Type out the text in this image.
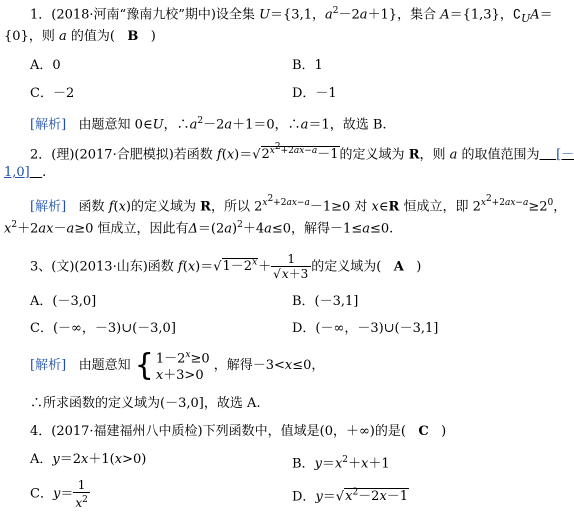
1．(2018·河南“豫南九校”期中)设全集 U＝{3,1，$a^2-2a+1$}，集合 A＝{1,3}，$∁_UA=$
{0}，则 a 的值为(   B )
A．0	B．1
C．－2	D．－1
[解析]   由题意知 0∈U，$\therefore a^2-2a+1=0$，∴a＝1，故选 B.
2．(理)(2017·合肥模拟)若函数 $f(x)=√2^{x^2+2ax-a}-1$的定义域为 R，则 a 的取值范围为 [－
1,0] .
[解析]   函数 f(x)的定义域为 R，所以 $2^{x^2+2ax-a}-1\ge 0$ 对 x∈R 恒成立，即 $2^{x^2+2ax-a}\ge 2^0$，
$x^2+2ax-a\ge 0$ 恒成立，因此有$\Delta=(2a)^2+4a\le 0$，解得－1≤a≤0.
3、(文)(2013·山东)函数 $f(x)=√1-2^x+ \frac{1}{√x+3}$ 的定义域为(   A )
A．(－3,0]	B．(－3,1]
C．(－∞，－3)∪(－3,0]	D．(－∞，－3)∪(－3,1]
[解析] 由题意知 { $1-2^x\ge 0$
x＋3>0 ，解得－3<x≤0，
∴所求函数的定义域为(－3,0]，故选 A.
4．(2017·福建福州八中质检)下列函数中，值域是(0，＋∞)的是(   C )
A．y＝2x＋1(x>0)	B．$y=x^2+x+1$
C．$y= \frac{1}{x^2}$	D．$y=√x^2-2x-1$
